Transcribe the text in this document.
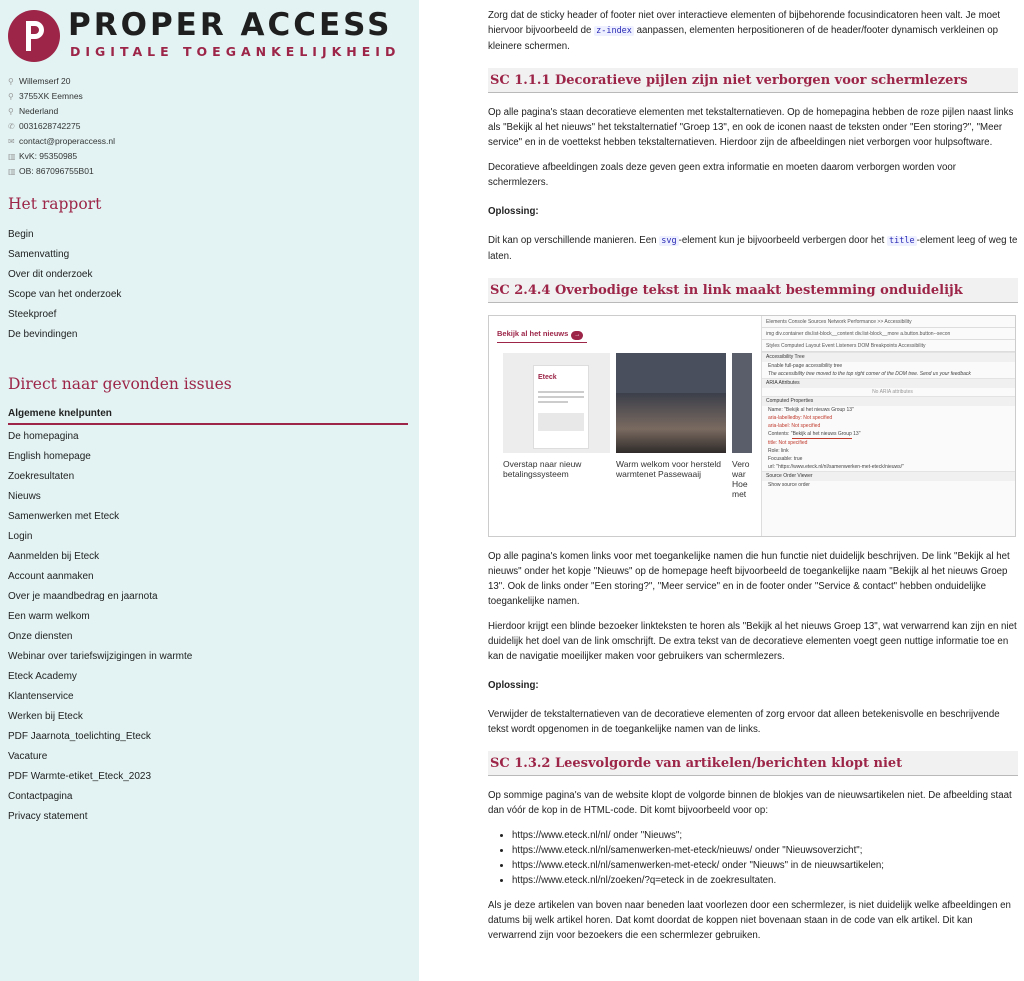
PROPER ACCESS
DIGITALE TOEGANKELIJKHEID
⚲ Willemserf 20
⚲ 3755XK Eemnes
⚲ Nederland
✆ 0031628742275
✉ contact@properaccess.nl
▥ KvK: 95350985
▥ OB: 867096755B01
Het rapport
Begin
Samenvatting
Over dit onderzoek
Scope van het onderzoek
Steekproef
De bevindingen
Direct naar gevonden issues
Algemene knelpunten
De homepagina
English homepage
Zoekresultaten
Nieuws
Samenwerken met Eteck
Login
Aanmelden bij Eteck
Account aanmaken
Over je maandbedrag en jaarnota
Een warm welkom
Onze diensten
Webinar over tariefswijzigingen in warmte
Eteck Academy
Klantenservice
Werken bij Eteck
PDF Jaarnota_toelichting_Eteck
Vacature
PDF Warmte-etiket_Eteck_2023
Contactpagina
Privacy statement

Zorg dat de sticky header of footer niet over interactieve elementen of bijbehorende focusindicatoren heen valt. Je moet hiervoor bijvoorbeeld de z-index aanpassen, elementen herpositioneren of de header/footer dynamisch verkleinen op kleinere schermen.

SC 1.1.1 Decoratieve pijlen zijn niet verborgen voor schermlezers

Op alle pagina's staan decoratieve elementen met tekstalternatieven. Op de homepagina hebben de roze pijlen naast links als "Bekijk al het nieuws" het tekstalternatief "Groep 13", en ook de iconen naast de teksten onder "Een storing?", "Meer service" en in de voettekst hebben tekstalternatieven. Hierdoor zijn de afbeeldingen niet verborgen voor hulpsoftware.

Decoratieve afbeeldingen zoals deze geven geen extra informatie en moeten daarom verborgen worden voor schermlezers.

Oplossing:

Dit kan op verschillende manieren. Een svg -element kun je bijvoorbeeld verbergen door het title -element leeg of weg te laten.

SC 2.4.4 Overbodige tekst in link maakt bestemming onduidelijk
Bekijk al het nieuws →
Eteck
Overstap naar nieuw betalingssysteem
Warm welkom voor hersteld warmtenet Passewaaij
Vero war Hoe met
Elements Console Sources Network Performance >> Accessibility
img div.container div.list-block__content div.list-block__more a.button.button--secon
Styles Computed Layout Event Listeners DOM Breakpoints Accessibility
Accessibility Tree
Enable full-page accessibility tree
The accessibility tree moved to the top right corner of the DOM tree. Send us your feedback
ARIA Attributes
No ARIA attributes
Computed Properties
Name: "Bekijk al het nieuws Group 13"
aria-labelledby: Not specified
aria-label: Not specified
Contents: "Bekijk al het nieuws Group 13"
title: Not specified
Role: link
Focusable: true
url: "https://www.eteck.nl/nl/samenwerken-met-eteck/nieuws/"
Source Order Viewer
Show source order

Op alle pagina's komen links voor met toegankelijke namen die hun functie niet duidelijk beschrijven. De link "Bekijk al het nieuws" onder het kopje "Nieuws" op de homepage heeft bijvoorbeeld de toegankelijke naam "Bekijk al het nieuws Groep 13". Ook de links onder "Een storing?", "Meer service" en in de footer onder "Service & contact" hebben onduidelijke toegankelijke namen.

Hierdoor krijgt een blinde bezoeker linkteksten te horen als "Bekijk al het nieuws Groep 13", wat verwarrend kan zijn en niet duidelijk het doel van de link omschrijft. De extra tekst van de decoratieve elementen voegt geen nuttige informatie toe en kan de navigatie moeilijker maken voor gebruikers van schermlezers.

Oplossing:

Verwijder de tekstalternatieven van de decoratieve elementen of zorg ervoor dat alleen betekenisvolle en beschrijvende tekst wordt opgenomen in de toegankelijke namen van de links.

SC 1.3.2 Leesvolgorde van artikelen/berichten klopt niet

Op sommige pagina's van de website klopt de volgorde binnen de blokjes van de nieuwsartikelen niet. De afbeelding staat dan vóór de kop in de HTML-code. Dit komt bijvoorbeeld voor op:

• https://www.eteck.nl/nl/ onder "Nieuws";
• https://www.eteck.nl/nl/samenwerken-met-eteck/nieuws/ onder "Nieuwsoverzicht";
• https://www.eteck.nl/nl/samenwerken-met-eteck/ onder "Nieuws" in de nieuwsartikelen;
• https://www.eteck.nl/nl/zoeken/?q=eteck in de zoekresultaten.

Als je deze artikelen van boven naar beneden laat voorlezen door een schermlezer, is niet duidelijk welke afbeeldingen en datums bij welk artikel horen. Dat komt doordat de koppen niet bovenaan staan in de code van elk artikel. Dit kan verwarrend zijn voor bezoekers die een schermlezer gebruiken.
